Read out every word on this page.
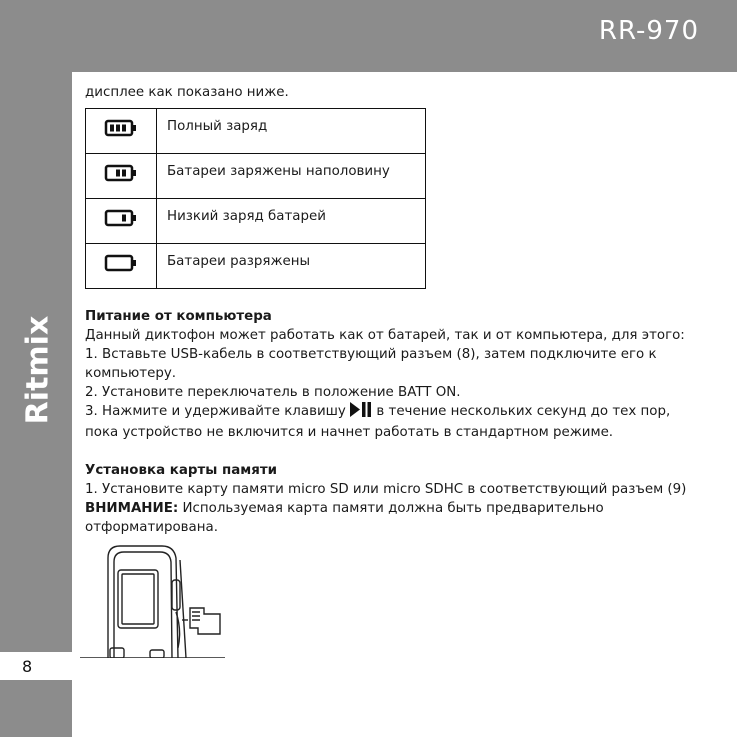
RR-970
Ritmix
8

дисплее как показано ниже.

	Полный заряд
	Батареи заряжены наполовину
	Низкий заряд батарей
	Батареи разряжены

Питание от компьютера

Данный диктофон может работать как от батарей, так и от компьютера, для этого:

1. Вставьте USB-кабель в соответствующий разъем (8), затем подключите его к

компьютеру.

2. Установите переключатель в положение BATT ON.

3. Нажмите и удерживайте клавишу в течение нескольких секунд до тех пор,

пока устройство не включится и начнет работать в стандартном режиме.

Установка карты памяти

1. Установите карту памяти micro SD или micro SDHC в соответствующий разъем (9)

ВНИМАНИЕ: Используемая карта памяти должна быть предварительно

отформатирована.
